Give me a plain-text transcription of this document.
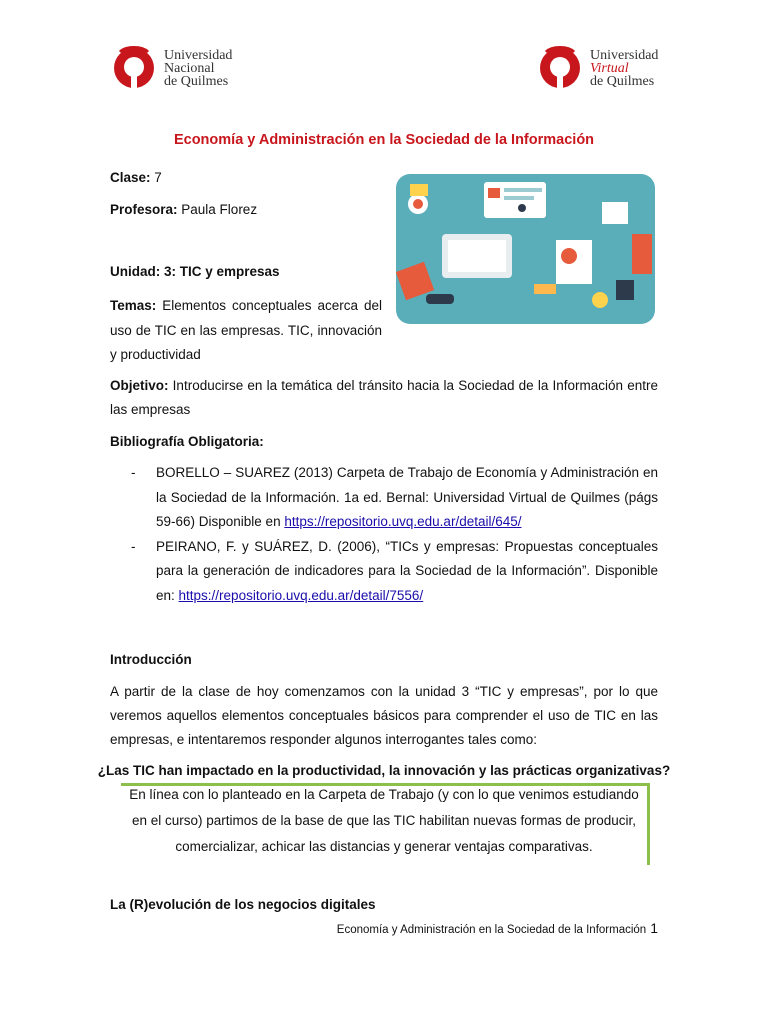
Universidad
Nacional
de Quilmes
Universidad
Virtual
de Quilmes
Economía y Administración en la Sociedad de la Información
Clase: 7
Profesora: Paula Florez
Unidad: 3: TIC y empresas
Temas: Elementos conceptuales acerca del uso de TIC en las empresas. TIC, innovación y productividad
Objetivo: Introducirse en la temática del tránsito hacia la Sociedad de la Información entre las empresas
Bibliografía Obligatoria:
- BORELLO – SUAREZ (2013) Carpeta de Trabajo de Economía y Administración en la Sociedad de la Información. 1a ed. Bernal: Universidad Virtual de Quilmes (págs 59-66) Disponible en https://repositorio.uvq.edu.ar/detail/645/
- PEIRANO, F. y SUÁREZ, D. (2006), “TICs y empresas: Propuestas conceptuales para la generación de indicadores para la Sociedad de la Información”. Disponible en: https://repositorio.uvq.edu.ar/detail/7556/
Introducción
A partir de la clase de hoy comenzamos con la unidad 3 “TIC y empresas”, por lo que veremos aquellos elementos conceptuales básicos para comprender el uso de TIC en las empresas, e intentaremos responder algunos interrogantes tales como:
¿Las TIC han impactado en la productividad, la innovación y las prácticas organizativas?
En línea con lo planteado en la Carpeta de Trabajo (y con lo que venimos estudiando en el curso) partimos de la base de que las TIC habilitan nuevas formas de producir, comercializar, achicar las distancias y generar ventajas comparativas.
La (R)evolución de los negocios digitales
Economía y Administración en la Sociedad de la Información 1
